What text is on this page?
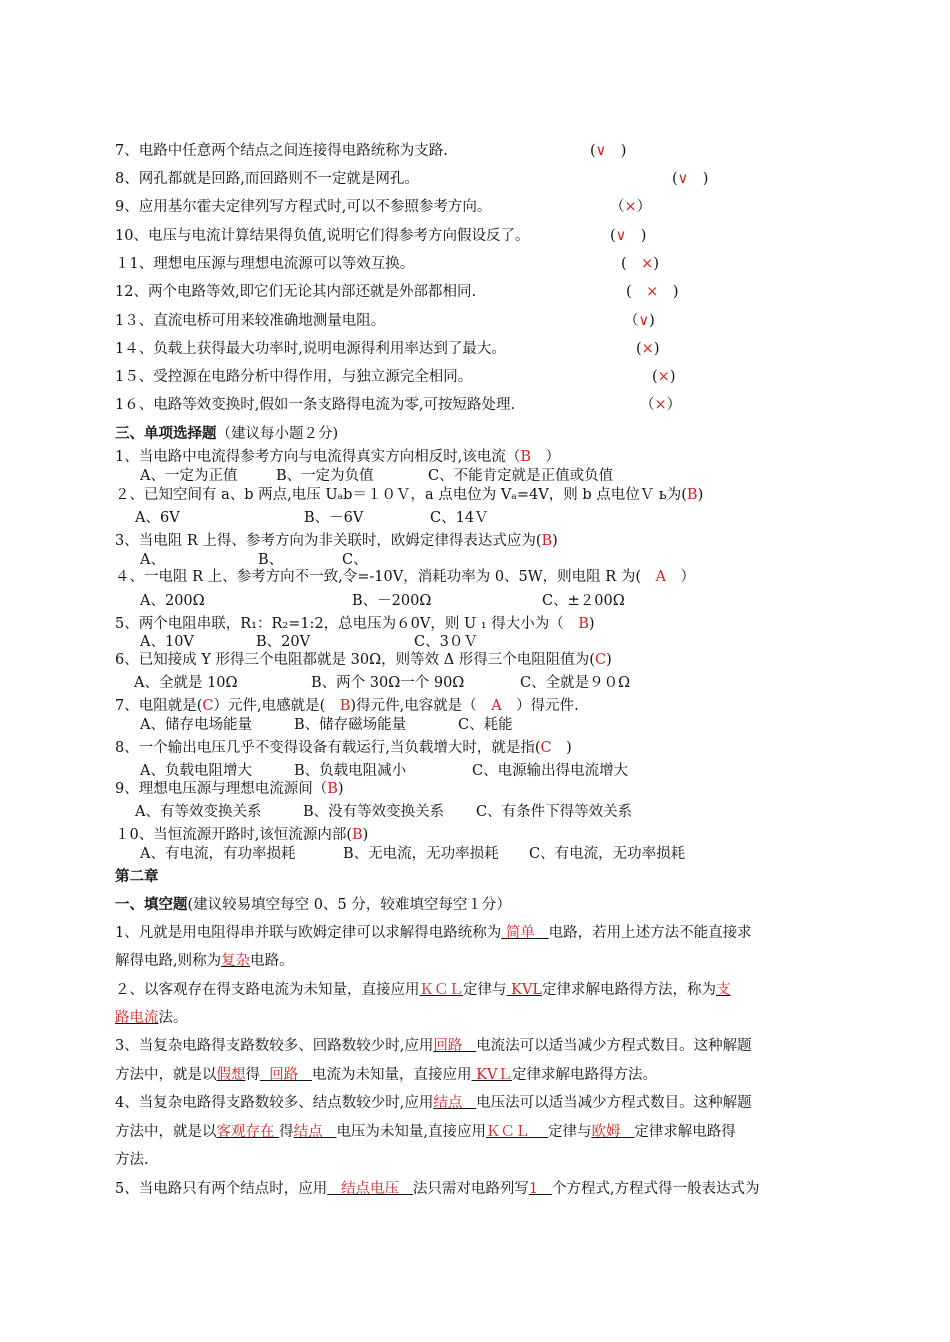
7、电路中任意两个结点之间连接得电路统称为支路.	(∨　)
8、网孔都就是回路,而回路则不一定就是网孔。	(∨　)
9、应用基尔霍夫定律列写方程式时,可以不参照参考方向。	（×）
10、电压与电流计算结果得负值,说明它们得参考方向假设反了。	(∨　)
１1、理想电压源与理想电流源可以等效互换。	(　×)
12、两个电路等效,即它们无论其内部还就是外部都相同.	(　×　)
1３、直流电桥可用来较准确地测量电阻。	（∨)
1４、负载上获得最大功率时,说明电源得利用率达到了最大。	(×)
1５、受控源在电路分析中得作用，与独立源完全相同。	(×)
1６、电路等效变换时,假如一条支路得电流为零,可按短路处理.	（×）
三、单项选择题（建议每小题２分)
1、当电路中电流得参考方向与电流得真实方向相反时,该电流（B　 ）
A、一定为正值	B、一定为负值	C、不能肯定就是正值或负值
２、已知空间有 a、b 两点,电压 Uₐb＝１０Ｖ，a 点电位为 Vₐ=4V，则 b 点电位Ｖ ь为(B)
A、6V	B、－6V	C、14Ｖ
3、当电阻 R 上得、参考方向为非关联时，欧姆定律得表达式应为(B)
A、	B、	C、
４、一电阻 R 上、参考方向不一致,令=-10V，消耗功率为 0、5W，则电阻 R 为(　 A　 ）
A、200Ω	B、－200Ω	C、±２00Ω
5、两个电阻串联，R₁：R₂=1:2，总电压为６0V，则 U ₁ 得大小为（　 B)
A、10V	B、20V	C、3０Ｖ
6、已知接成 Y 形得三个电阻都就是 30Ω，则等效 Δ 形得三个电阻阻值为(C)
A、全就是 10Ω	B、两个 30Ω一个 90Ω	C、全就是９０Ω
7、电阻就是(C）元件,电感就是(　 B)得元件,电容就是（　 A　 ）得元件.
A、储存电场能量	B、储存磁场能量	C、耗能
8、一个输出电压几乎不变得设备有载运行,当负载增大时，就是指(C　 )
A、负载电阻增大	B、负载电阻减小	C、电源输出得电流增大
9、理想电压源与理想电流源间（B)
A、有等效变换关系	B、没有等效变换关系 C、有条件下得等效关系
１0、当恒流源开路时,该恒流源内部(B)
A、有电流，有功率损耗	B、无电流，无功率损耗 C、有电流，无功率损耗
第二章
一、填空题(建议较易填空每空 0、5 分，较难填空每空１分）
1、凡就是用电阻得串并联与欧姆定律可以求解得电路统称为 简单 电路，若用上述方法不能直接求
解得电路,则称为复杂电路。
２、以客观存在得支路电流为未知量，直接应用ＫＣＬ定律与 KVL定律求解电路得方法，称为支
路电流法。
3、当复杂电路得支路数较多、回路数较少时,应用回路 电流法可以适当减少方程式数目。这种解题
方法中，就是以假想得 回路 电流为未知量，直接应用 KVＬ定律求解电路得方法。
4、当复杂电路得支路数较多、结点数较少时,应用结点 电压法可以适当减少方程式数目。这种解题
方法中，就是以客观存在 得结点 电压为未知量,直接应用ＫＣＬ 定律与欧姆 定律求解电路得
方法.
5、当电路只有两个结点时，应用 结点电压 法只需对电路列写1 个方程式,方程式得一般表达式为
